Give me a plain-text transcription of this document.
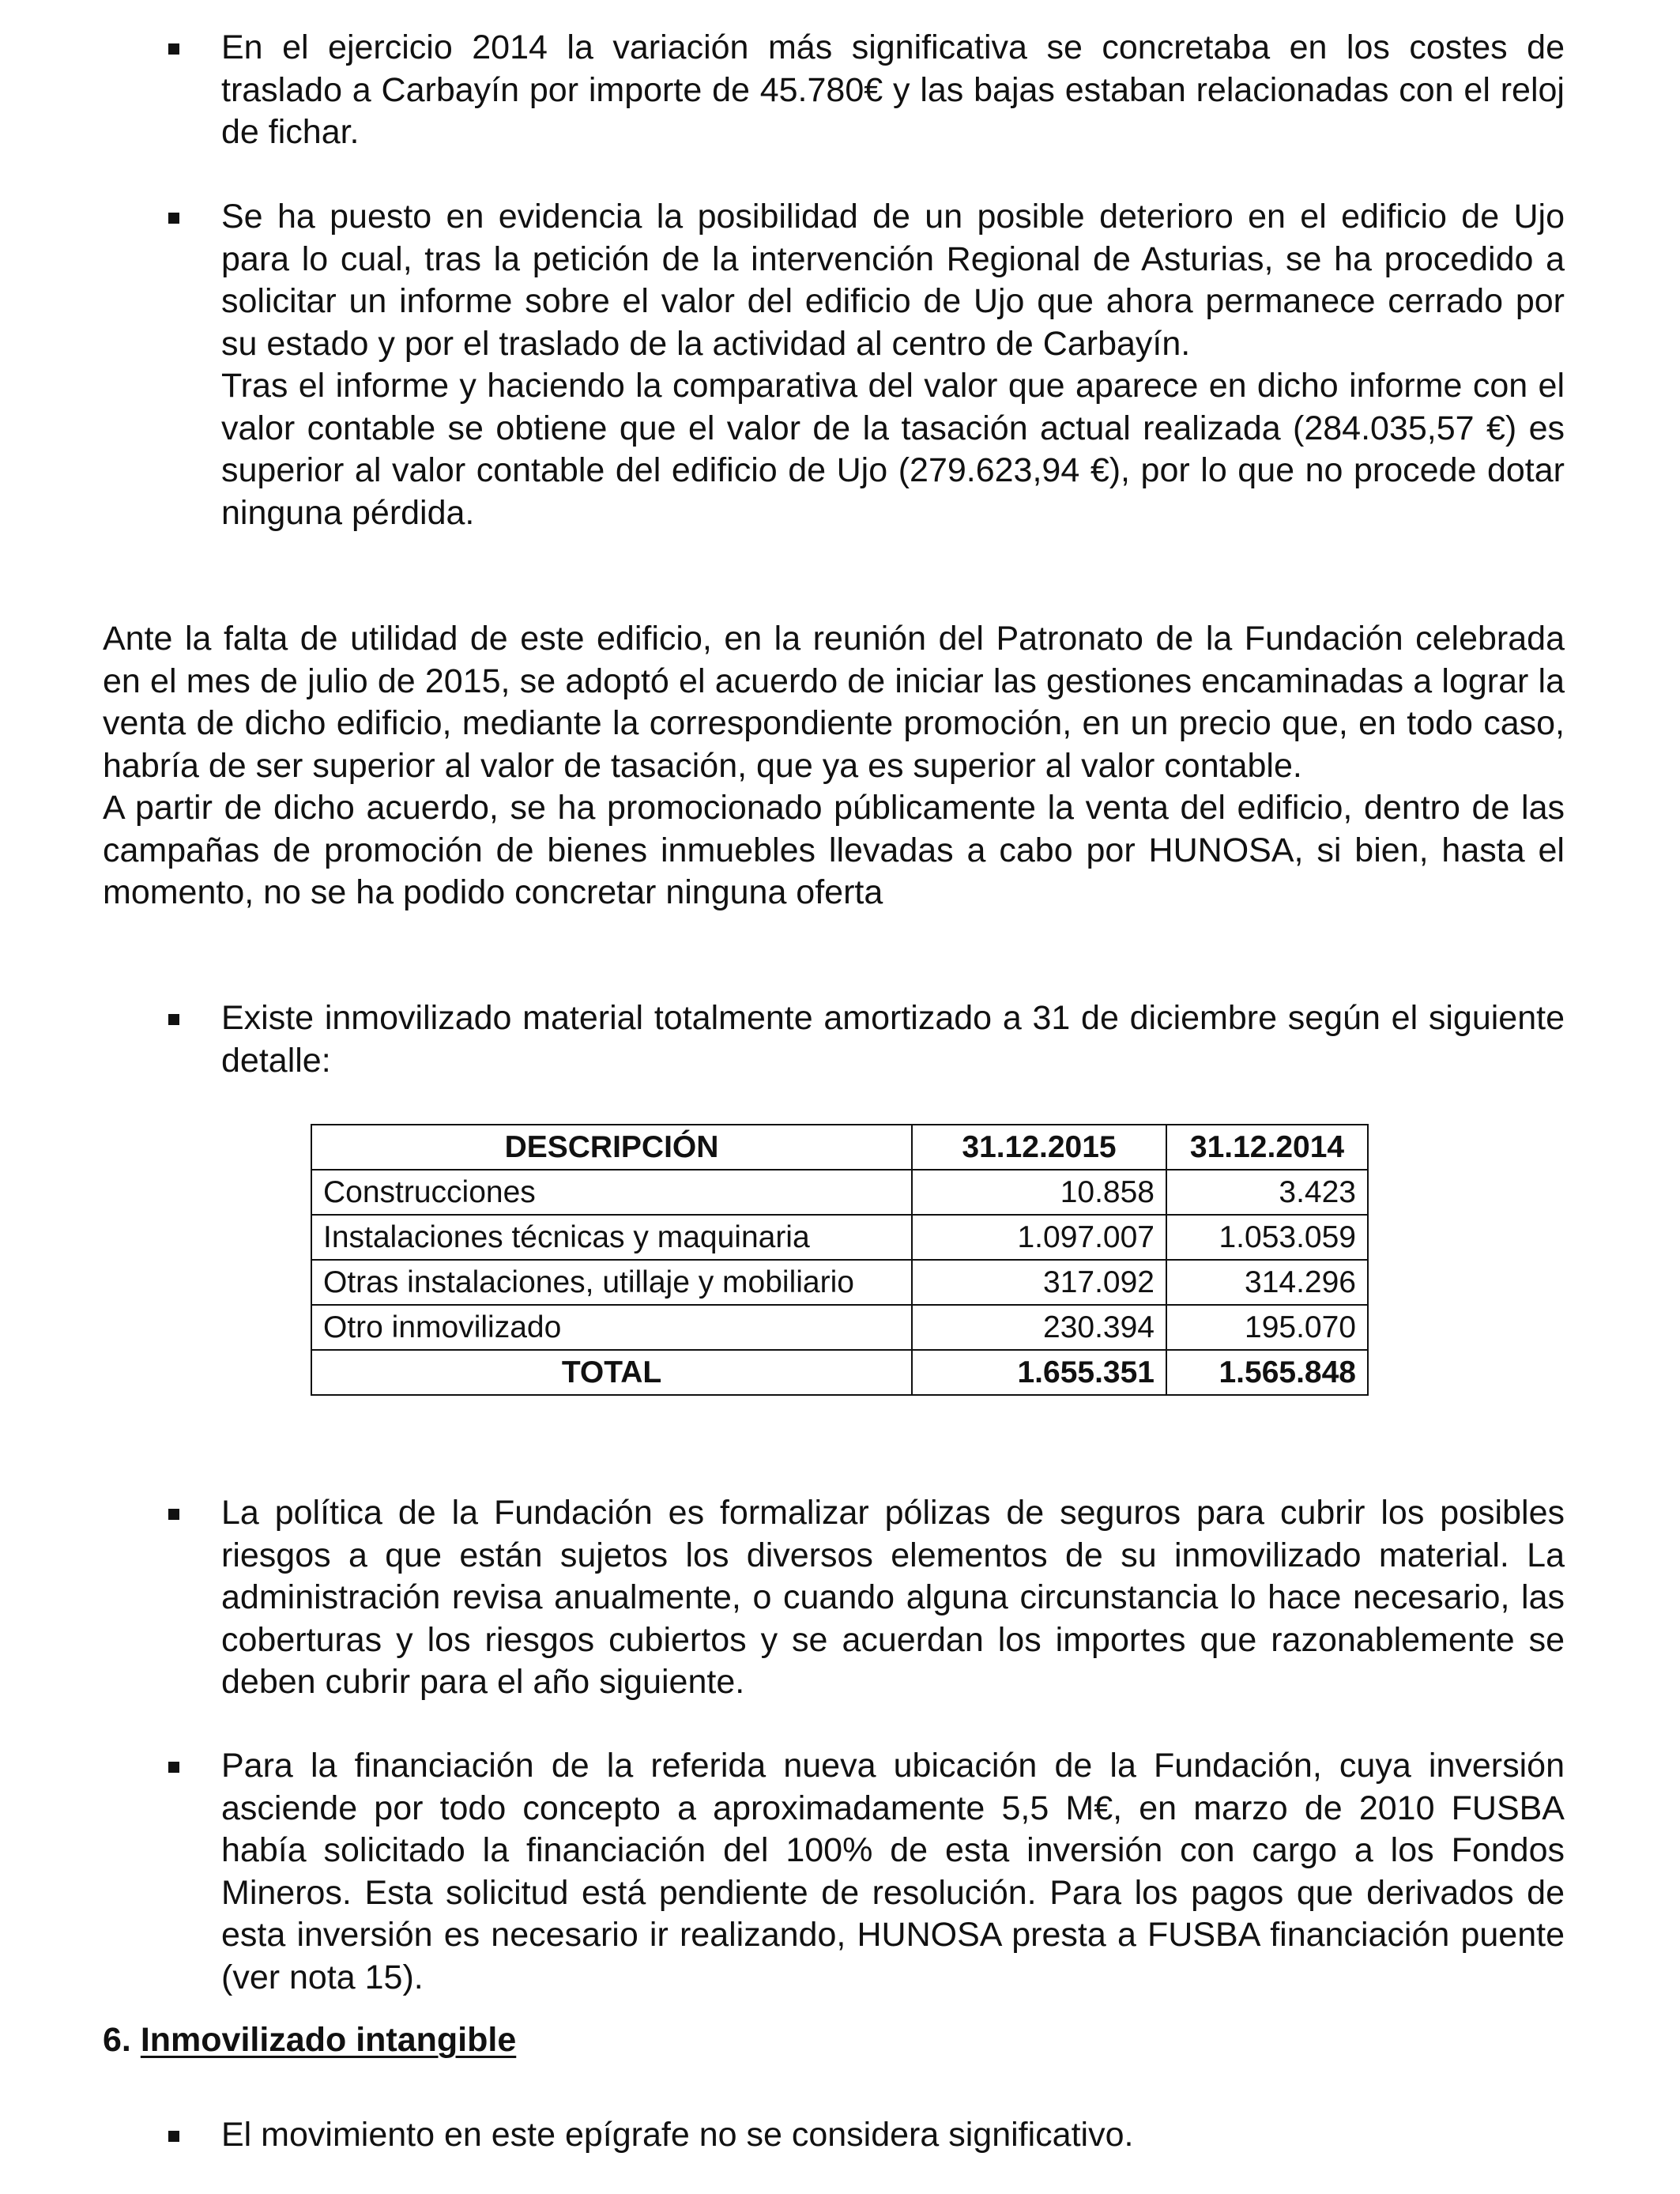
En el ejercicio 2014 la variación más significativa se concretaba en los costes de traslado a Carbayín por importe de 45.780€ y las bajas estaban relacionadas con el reloj de fichar.

Se ha puesto en evidencia la posibilidad de un posible deterioro en el edificio de Ujo para lo cual, tras la petición de la intervención Regional de Asturias, se ha procedido a solicitar un informe sobre el valor del edificio de Ujo que ahora permanece cerrado por su estado y por el traslado de la actividad al centro de Carbayín.

Tras el informe y haciendo la comparativa del valor que aparece en dicho informe con el valor contable se obtiene que el valor de la tasación actual realizada (284.035,57 €) es superior al valor contable del edificio de Ujo (279.623,94 €), por lo que no procede dotar ninguna pérdida.

Ante la falta de utilidad de este edificio, en la reunión del Patronato de la Fundación celebrada en el mes de julio de 2015, se adoptó el acuerdo de iniciar las gestiones encaminadas a lograr la venta de dicho edificio, mediante la correspondiente promoción, en un precio que, en todo caso, habría de ser superior al valor de tasación, que ya es superior al valor contable.

A partir de dicho acuerdo, se ha promocionado públicamente la venta del edificio, dentro de las campañas de promoción de bienes inmuebles llevadas a cabo por HUNOSA, si bien, hasta el momento, no se ha podido concretar ninguna oferta

Existe inmovilizado material totalmente amortizado a 31 de diciembre según el siguiente detalle:

DESCRIPCIÓN	31.12.2015	31.12.2014
Construcciones	10.858	3.423
Instalaciones técnicas y maquinaria	1.097.007	1.053.059
Otras instalaciones, utillaje y mobiliario	317.092	314.296
Otro inmovilizado	230.394	195.070
TOTAL	1.655.351	1.565.848

La política de la Fundación es formalizar pólizas de seguros para cubrir los posibles riesgos a que están sujetos los diversos elementos de su inmovilizado material. La administración revisa anualmente, o cuando alguna circunstancia lo hace necesario, las coberturas y los riesgos cubiertos y se acuerdan los importes que razonablemente se deben cubrir para el año siguiente.

Para la financiación de la referida nueva ubicación de la Fundación, cuya inversión asciende por todo concepto a aproximadamente 5,5 M€, en marzo de 2010 FUSBA había solicitado la financiación del 100% de esta inversión con cargo a los Fondos Mineros. Esta solicitud está pendiente de resolución. Para los pagos que derivados de esta inversión es necesario ir realizando, HUNOSA presta a FUSBA financiación puente (ver nota 15).

6. Inmovilizado intangible

El movimiento en este epígrafe no se considera significativo.
